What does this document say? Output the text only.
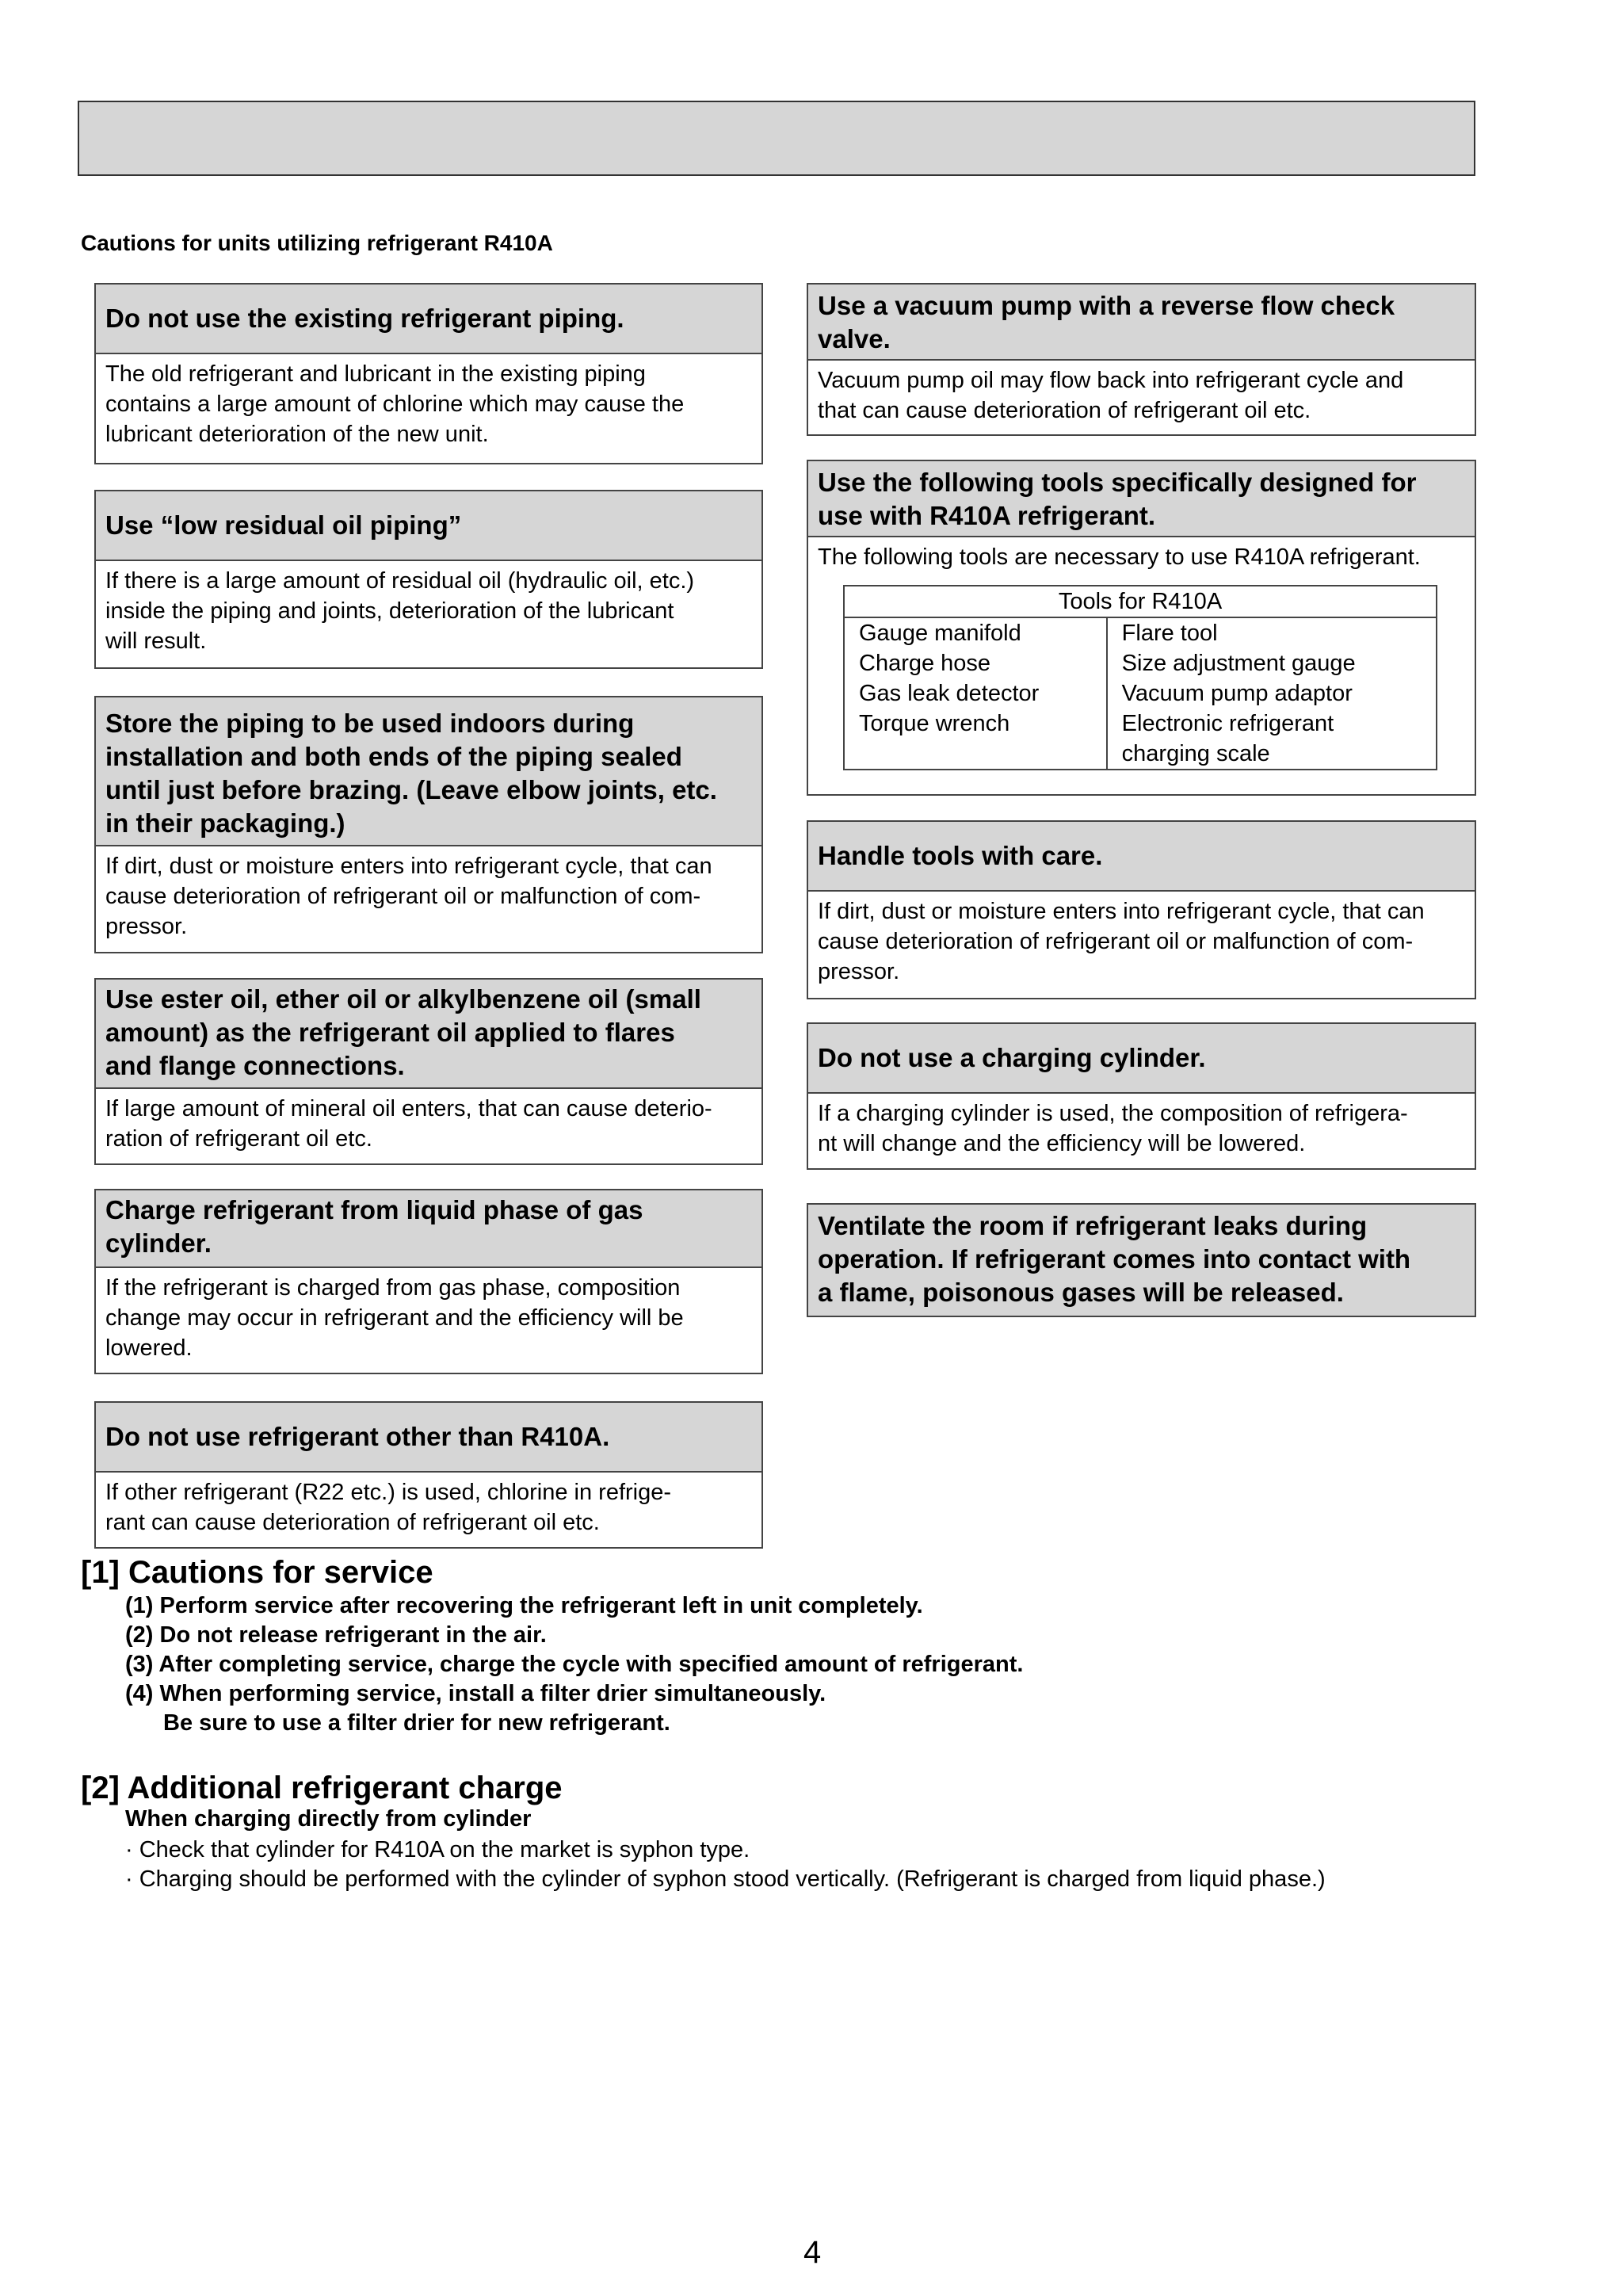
Cautions for units utilizing refrigerant R410A
Do not use the existing refrigerant piping.
The old refrigerant and lubricant in the existing piping
contains a large amount of chlorine which may cause the
lubricant deterioration of the new unit.
Use “low residual oil piping”
If there is a large amount of residual oil (hydraulic oil, etc.)
inside the piping and joints, deterioration of the lubricant
will result.
Store the piping to be used indoors during
installation and both ends of the piping sealed
until just before brazing. (Leave elbow joints, etc.
in their packaging.)
If dirt, dust or moisture enters into refrigerant cycle, that can
cause deterioration of refrigerant oil or malfunction of com-
pressor.
Use ester oil, ether oil or alkylbenzene oil (small
amount) as the refrigerant oil applied to flares
and flange connections.
If large amount of mineral oil enters, that can cause deterio-
ration of refrigerant oil etc.
Charge refrigerant from liquid phase of gas
cylinder.
If the refrigerant is charged from gas phase, composition
change may occur in refrigerant and the efficiency will be
lowered.
Do not use refrigerant other than R410A.
If other refrigerant (R22 etc.) is used, chlorine in refrige-
rant can cause deterioration of refrigerant oil etc.
Use a vacuum pump with a reverse flow check
valve.
Vacuum pump oil may flow back into refrigerant cycle and
that can cause deterioration of refrigerant oil etc.
Use the following tools specifically designed for
use with R410A refrigerant.
The following tools are necessary to use R410A refrigerant.
Tools for R410A	
Gauge manifold	Flare tool
Charge hose	Size adjustment gauge
Gas leak detector	Vacuum pump adaptor
Torque wrench	Electronic refrigerant
	charging scale
Handle tools with care.
If dirt, dust or moisture enters into refrigerant cycle, that can
cause deterioration of refrigerant oil or malfunction of com-
pressor.
Do not use a charging cylinder.
If a charging cylinder is used, the composition of refrigera-
nt will change and the efficiency will be lowered.
Ventilate the room if refrigerant leaks during
operation. If refrigerant comes into contact with
a flame, poisonous gases will be released.
[1] Cautions for service
(1) Perform service after recovering the refrigerant left in unit completely.
(2) Do not release refrigerant in the air.
(3) After completing service, charge the cycle with specified amount of refrigerant.
(4) When performing service, install a filter drier simultaneously.
Be sure to use a filter drier for new refrigerant.
[2] Additional refrigerant charge
When charging directly from cylinder
· Check that cylinder for R410A on the market is syphon type.
· Charging should be performed with the cylinder of syphon stood vertically. (Refrigerant is charged from liquid phase.)
4
